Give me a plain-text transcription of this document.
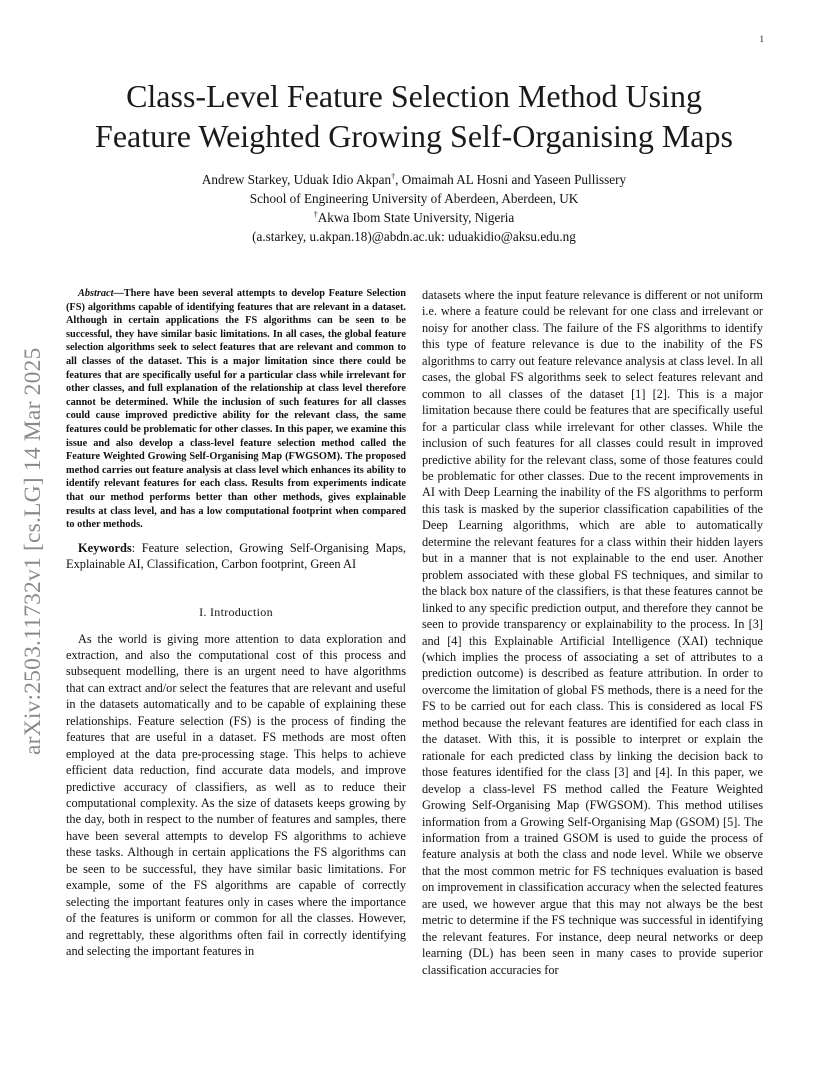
1
arXiv:2503.11732v1 [cs.LG] 14 Mar 2025
Class-Level Feature Selection Method Using
Feature Weighted Growing Self-Organising Maps
Andrew Starkey, Uduak Idio Akpan†, Omaimah AL Hosni and Yaseen Pullissery
School of Engineering University of Aberdeen, Aberdeen, UK
†Akwa Ibom State University, Nigeria
(a.starkey, u.akpan.18)@abdn.ac.uk: uduakidio@aksu.edu.ng

Abstract—There have been several attempts to develop Feature Selection (FS) algorithms capable of identifying features that are relevant in a dataset. Although in certain applications the FS algorithms can be seen to be successful, they have similar basic limitations. In all cases, the global feature selection algorithms seek to select features that are relevant and common to all classes of the dataset. This is a major limitation since there could be features that are specifically useful for a particular class while irrelevant for other classes, and full explanation of the relationship at class level therefore cannot be determined. While the inclusion of such features for all classes could cause improved predictive ability for the relevant class, the same features could be problematic for other classes. In this paper, we examine this issue and also develop a class-level feature selection method called the Feature Weighted Growing Self-Organising Map (FWGSOM). The proposed method carries out feature analysis at class level which enhances its ability to identify relevant features for each class. Results from experiments indicate that our method performs better than other methods, gives explainable results at class level, and has a low computational footprint when compared to other methods.

Keywords: Feature selection, Growing Self-Organising Maps, Explainable AI, Classification, Carbon footprint, Green AI
I. Introduction

As the world is giving more attention to data exploration and extraction, and also the computational cost of this process and subsequent modelling, there is an urgent need to have algorithms that can extract and/or select the features that are relevant and useful in the datasets automatically and to be capable of explaining these relationships. Feature selection (FS) is the process of finding the features that are useful in a dataset. FS methods are most often employed at the data pre-processing stage. This helps to achieve efficient data reduction, find accurate data models, and improve predictive accuracy of classifiers, as well as to reduce their computational complexity. As the size of datasets keeps growing by the day, both in respect to the number of features and samples, there have been several attempts to develop FS algorithms to achieve these tasks. Although in certain applications the FS algorithms can be seen to be successful, they have similar basic limitations. For example, some of the FS algorithms are capable of correctly selecting the important features only in cases where the importance of the features is uniform or common for all the classes. However, and regrettably, these algorithms often fail in correctly identifying and selecting the important features in

datasets where the input feature relevance is different or not uniform i.e. where a feature could be relevant for one class and irrelevant or noisy for another class. The failure of the FS algorithms to identify this type of feature relevance is due to the inability of the FS algorithms to carry out feature relevance analysis at class level. In all cases, the global FS algorithms seek to select features relevant and common to all classes of the dataset [1] [2]. This is a major limitation because there could be features that are specifically useful for a particular class while irrelevant for other classes. While the inclusion of such features for all classes could result in improved predictive ability for the relevant class, some of those features could be problematic for other classes. Due to the recent improvements in AI with Deep Learning the inability of the FS algorithms to perform this task is masked by the superior classification capabilities of the Deep Learning algorithms, which are able to automatically determine the relevant features for a class within their hidden layers but in a manner that is not explainable to the end user. Another problem associated with these global FS techniques, and similar to the black box nature of the classifiers, is that these features cannot be linked to any specific prediction output, and therefore they cannot be seen to provide transparency or explainability to the process. In [3] and [4] this Explainable Artificial Intelligence (XAI) technique (which implies the process of associating a set of attributes to a prediction outcome) is described as feature attribution. In order to overcome the limitation of global FS methods, there is a need for the FS to be carried out for each class. This is considered as local FS method because the relevant features are identified for each class in the dataset. With this, it is possible to interpret or explain the rationale for each predicted class by linking the decision back to those features identified for the class [3] and [4]. In this paper, we develop a class-level FS method called the Feature Weighted Growing Self-Organising Map (FWGSOM). This method utilises information from a Growing Self-Organising Map (GSOM) [5]. The information from a trained GSOM is used to guide the process of feature analysis at both the class and node level. While we observe that the most common metric for FS techniques evaluation is based on improvement in classification accuracy when the selected features are used, we however argue that this may not always be the best metric to determine if the FS technique was successful in identifying the relevant features. For instance, deep neural networks or deep learning (DL) has been seen in many cases to provide superior classification accuracies for
